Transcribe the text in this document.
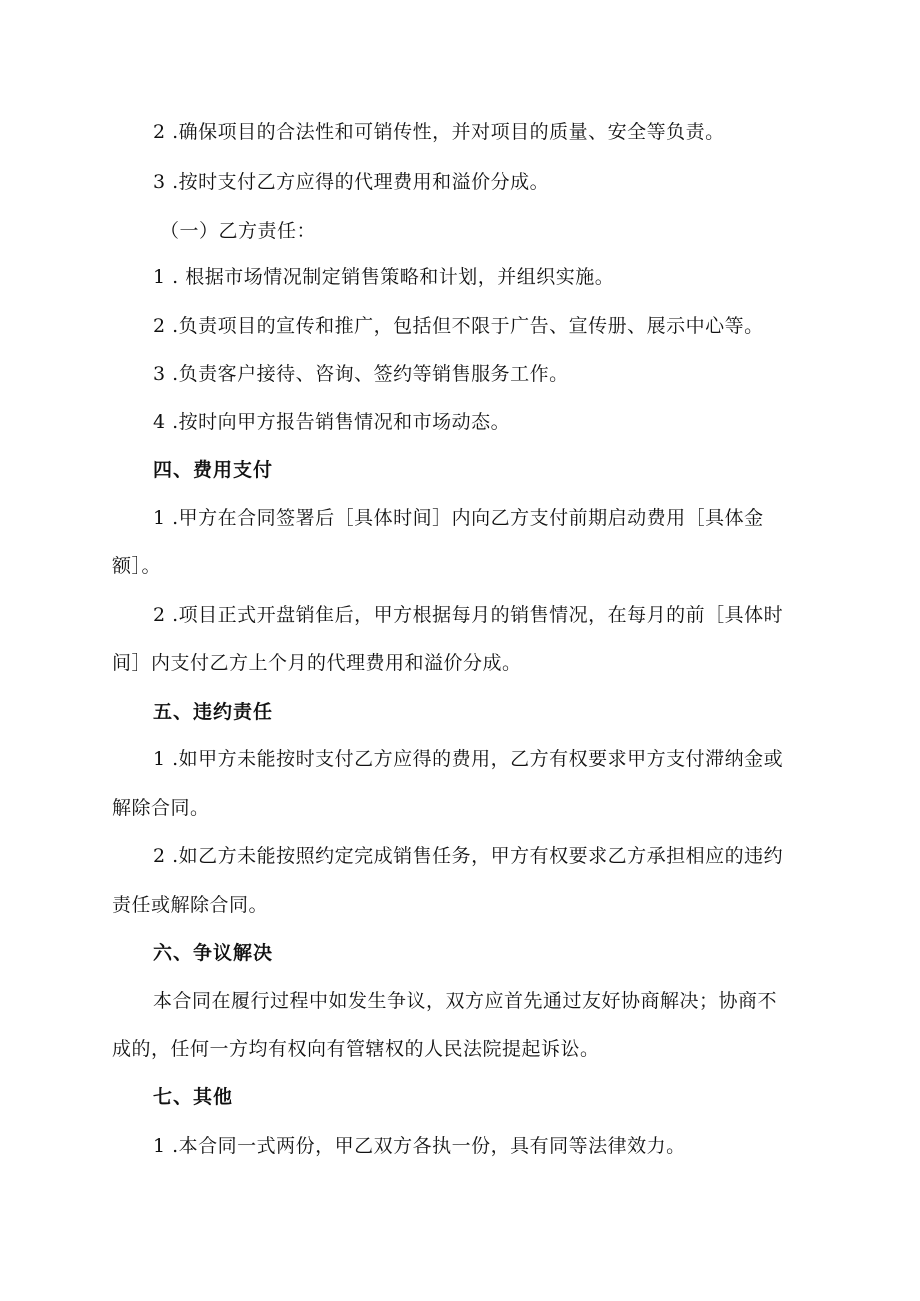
2 .确保项目的合法性和可销传性，并对项目的质量、安全等负责。
3 .按时支付乙方应得的代理费用和溢价分成。
（一）乙方责任：
1 . 根据市场情况制定销售策略和计划，并组织实施。
2 .负责项目的宣传和推广，包括但不限于广告、宣传册、展示中心等。
3 .负责客户接待、咨询、签约等销售服务工作。
4 .按时向甲方报告销售情况和市场动态。
四、费用支付
1 .甲方在合同签署后［具体时间］内向乙方支付前期启动费用［具体金
额］。
2 .项目正式开盘销隹后，甲方根据每月的销售情况，在每月的前［具体时
间］内支付乙方上个月的代理费用和溢价分成。
五、违约责任
1 .如甲方未能按时支付乙方应得的费用，乙方有权要求甲方支付滞纳金或
解除合同。
2 .如乙方未能按照约定完成销售任务，甲方有权要求乙方承担相应的违约
责任或解除合同。
六、争议解决
本合同在履行过程中如发生争议，双方应首先通过友好协商解决；协商不
成的，任何一方均有权向有管辖权的人民法院提起诉讼。
七、其他
1 .本合同一式两份，甲乙双方各执一份，具有同等法律效力。
